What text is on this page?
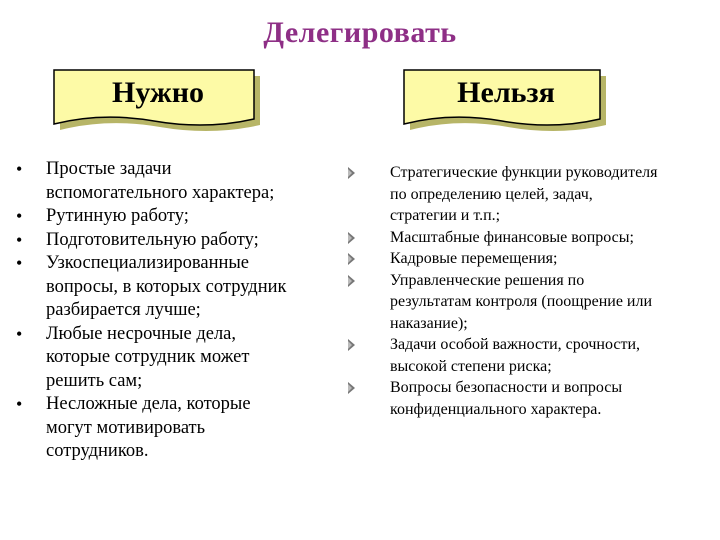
Делегировать
Нужно	Нельзя
• Простые задачи
вспомогательного характера;
• Рутинную работу;
• Подготовительную работу;
• Узкоспециализированные
вопросы, в которых сотрудник
разбирается лучше;
• Любые несрочные дела,
которые сотрудник может
решить сам;
• Несложные дела, которые
могут мотивировать
сотрудников.
Стратегические функции руководителя
по определению целей, задач,
стратегии и т.п.;
Масштабные финансовые вопросы;
Кадровые перемещения;
Управленческие решения по
результатам контроля (поощрение или
наказание);
Задачи особой важности, срочности,
высокой степени риска;
Вопросы безопасности и вопросы
конфиденциального характера.
